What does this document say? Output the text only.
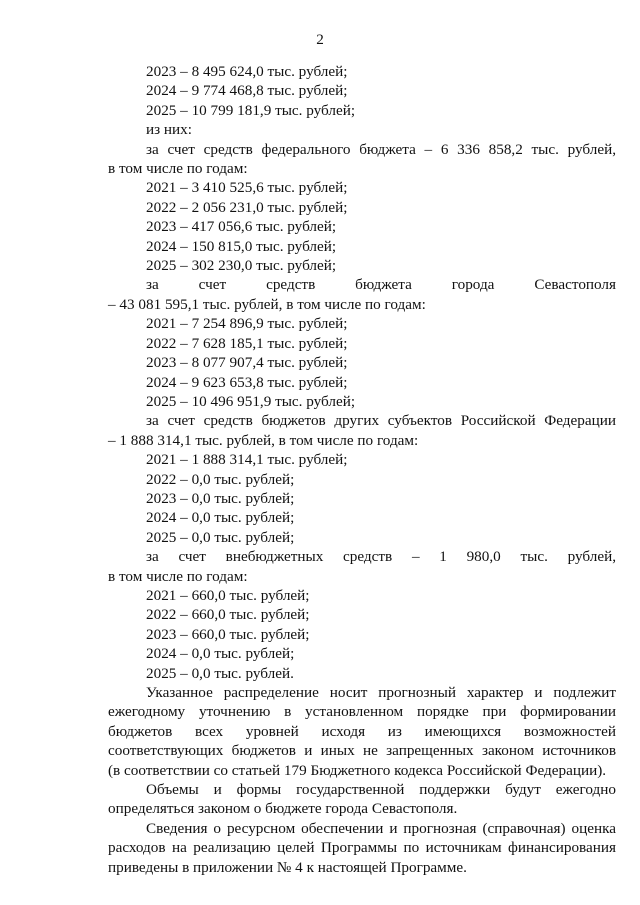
2
2023 – 8 495 624,0 тыс. рублей;
2024 – 9 774 468,8 тыс. рублей;
2025 – 10 799 181,9 тыс. рублей;
из них:
за счет средств федерального бюджета – 6 336 858,2 тыс. рублей,
в том числе по годам:
2021 – 3 410 525,6 тыс. рублей;
2022 – 2 056 231,0 тыс. рублей;
2023 – 417 056,6 тыс. рублей;
2024 – 150 815,0 тыс. рублей;
2025 – 302 230,0 тыс. рублей;
за счет средств бюджета города Севастополя
– 43 081 595,1 тыс. рублей, в том числе по годам:
2021 – 7 254 896,9 тыс. рублей;
2022 – 7 628 185,1 тыс. рублей;
2023 – 8 077 907,4 тыс. рублей;
2024 – 9 623 653,8 тыс. рублей;
2025 – 10 496 951,9 тыс. рублей;
за счет средств бюджетов других субъектов Российской Федерации
– 1 888 314,1 тыс. рублей, в том числе по годам:
2021 – 1 888 314,1 тыс. рублей;
2022 – 0,0 тыс. рублей;
2023 – 0,0 тыс. рублей;
2024 – 0,0 тыс. рублей;
2025 – 0,0 тыс. рублей;
за счет внебюджетных средств – 1 980,0 тыс. рублей,
в том числе по годам:
2021 – 660,0 тыс. рублей;
2022 – 660,0 тыс. рублей;
2023 – 660,0 тыс. рублей;
2024 – 0,0 тыс. рублей;
2025 – 0,0 тыс. рублей.
Указанное распределение носит прогнозный характер и подлежит
ежегодному уточнению в установленном порядке при формировании
бюджетов всех уровней исходя из имеющихся возможностей
соответствующих бюджетов и иных не запрещенных законом источников
(в соответствии со статьей 179 Бюджетного кодекса Российской Федерации).
Объемы и формы государственной поддержки будут ежегодно
определяться законом о бюджете города Севастополя.
Сведения о ресурсном обеспечении и прогнозная (справочная) оценка
расходов на реализацию целей Программы по источникам финансирования
приведены в приложении № 4 к настоящей Программе.
